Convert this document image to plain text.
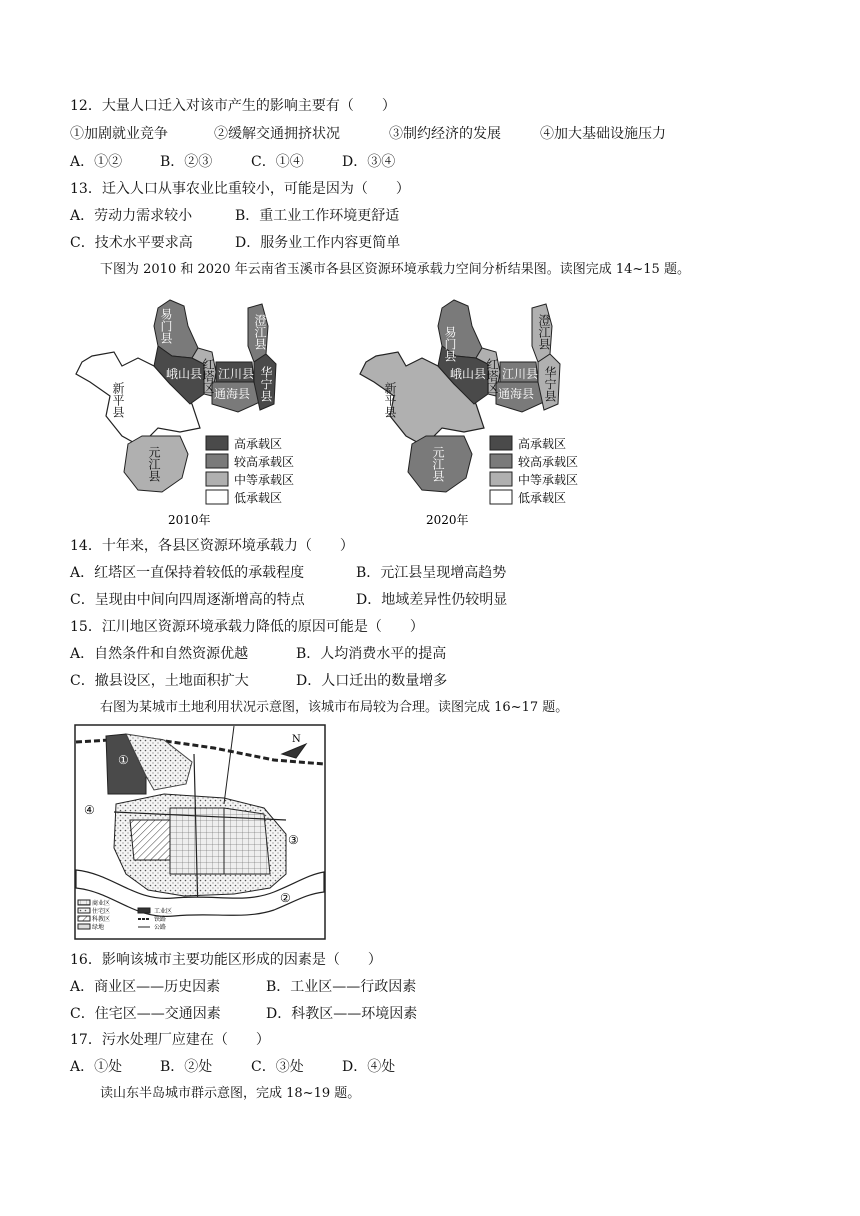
12．大量人口迁入对该市产生的影响主要有（　　）
①加剧就业竞争	②缓解交通拥挤状况	③制约经济的发展	④加大基础设施压力
A．①②	B．②③	C．①④	D．③④
13．迁入人口从事农业比重较小，可能是因为（　　）
A．劳动力需求较小	B．重工业工作环境更舒适
C．技术水平要求高	D．服务业工作内容更简单
下图为 2010 和 2020 年云南省玉溪市各县区资源环境承载力空间分析结果图。读图完成 14~15 题。
易门县	澄江县
红塔区
峨山县 江川县 华宁县
新平县	通海县
元江县
高承载区
较高承载区
中等承载区
低承载区
2010年
易门县	澄江县
红塔区
峨山县 江川县 华宁县
新平县	通海县
元江县
高承载区
较高承载区
中等承载区
低承载区
2020年
14．十年来，各县区资源环境承载力（　　）
A．红塔区一直保持着较低的承载程度	B．元江县呈现增高趋势
C．呈现由中间向四周逐渐增高的特点	D．地域差异性仍较明显
15．江川地区资源环境承载力降低的原因可能是（　　）
A．自然条件和自然资源优越	B．人均消费水平的提高
C．撤县设区，土地面积扩大	D．人口迁出的数量增多
右图为某城市土地利用状况示意图，该城市布局较为合理。读图完成 16~17 题。
N
①
②
③
④
商业区
住宅区
科教区
绿地
工业区
铁路
公路
16．影响该城市主要功能区形成的因素是（　　）
A．商业区——历史因素	B．工业区——行政因素
C．住宅区——交通因素	D．科教区——环境因素
17．污水处理厂应建在（　　）
A．①处	B．②处	C．③处	D．④处
读山东半岛城市群示意图，完成 18~19 题。
